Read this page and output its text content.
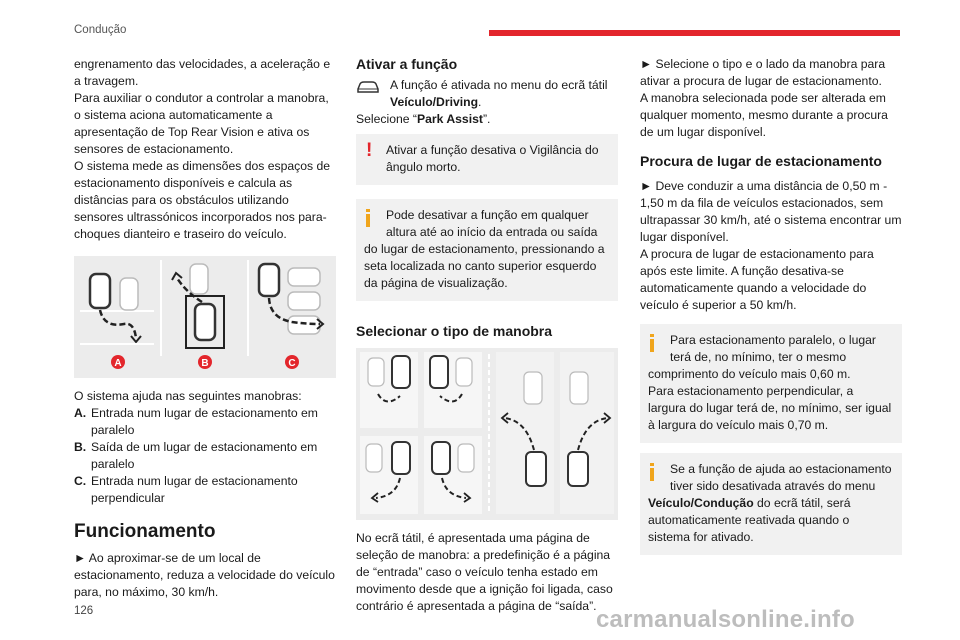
Condução

engrenamento das velocidades, a aceleração e a travagem.

Para auxiliar o condutor a controlar a manobra, o sistema aciona automaticamente a apresentação de Top Rear Vision e ativa os sensores de estacionamento.

O sistema mede as dimensões dos espaços de estacionamento disponíveis e calcula as distâncias para os obstáculos utilizando sensores ultrassónicos incorporados nos para-choques dianteiro e traseiro do veículo.

A	B	C

O sistema ajuda nas seguintes manobras:

A. Entrada num lugar de estacionamento em paralelo
B. Saída de um lugar de estacionamento em paralelo
C. Entrada num lugar de estacionamento perpendicular
Funcionamento

► Ao aproximar-se de um local de estacionamento, reduza a velocidade do veículo para, no máximo, 30 km/h.

Ativar a função

A função é ativada no menu do ecrã tátil Veículo/Driving.

Selecione “Park Assist”.

!	Ativar a função desativa o Vigilância do ângulo morto.

Pode desativar a função em qualquer altura até ao início da entrada ou saída

do lugar de estacionamento, pressionando a seta localizada no canto superior esquerdo da página de visualização.

Selecionar o tipo de manobra

No ecrã tátil, é apresentada uma página de seleção de manobra: a predefinição é a página de “entrada” caso o veículo tenha estado em movimento desde que a ignição foi ligada, caso contrário é apresentada a página de “saída”.

► Selecione o tipo e o lado da manobra para ativar a procura de lugar de estacionamento.

A manobra selecionada pode ser alterada em qualquer momento, mesmo durante a procura de um lugar disponível.

Procura de lugar de estacionamento

► Deve conduzir a uma distância de 0,50 m - 1,50 m da fila de veículos estacionados, sem ultrapassar 30 km/h, até o sistema encontrar um lugar disponível.

A procura de lugar de estacionamento para após este limite. A função desativa-se automaticamente quando a velocidade do veículo é superior a 50 km/h.

Para estacionamento paralelo, o lugar terá de, no mínimo, ter o mesmo

comprimento do veículo mais 0,60 m.

Para estacionamento perpendicular, a largura do lugar terá de, no mínimo, ser igual à largura do veículo mais 0,70 m.

Se a função de ajuda ao estacionamento tiver sido desativada através do menu

Veículo/Condução do ecrã tátil, será automaticamente reativada quando o sistema for ativado.

126	carmanualsonline.info
